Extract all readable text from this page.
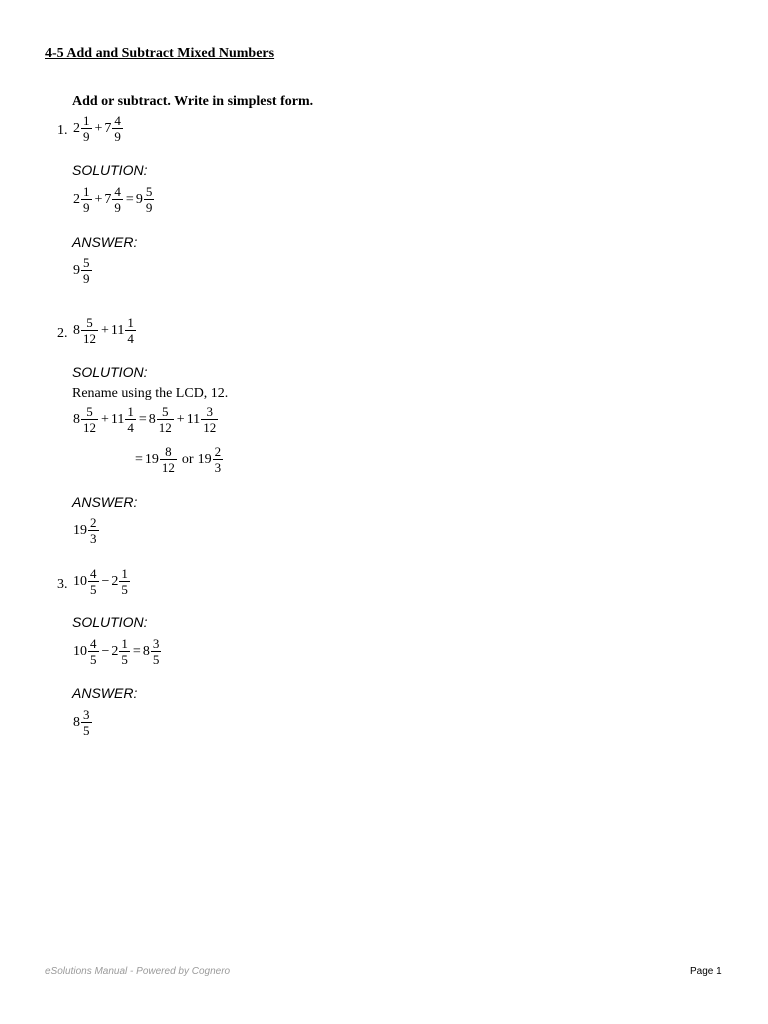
4-5 Add and Subtract Mixed Numbers
Add or subtract. Write in simplest form.
1. $2 \frac{1}{9} + 7 \frac{4}{9}$
SOLUTION:
$2 \frac{1}{9} + 7 \frac{4}{9} = 9 \frac{5}{9}$
ANSWER:
$9 \frac{5}{9}$
2. $8 \frac{5}{12} + 11 \frac{1}{4}$
SOLUTION:
Rename using the LCD, 12.
$8 \frac{5}{12} + 11 \frac{1}{4} = 8 \frac{5}{12} + 11 \frac{3}{12}$
= $19 \frac{8}{12}$ or $19 \frac{2}{3}$
ANSWER:
$19 \frac{2}{3}$
3. $10 \frac{4}{5} - 2 \frac{1}{5}$
SOLUTION:
$10 \frac{4}{5} - 2 \frac{1}{5} = 8 \frac{3}{5}$
ANSWER:
$8 \frac{3}{5}$
eSolutions Manual - Powered by Cognero	Page 1
